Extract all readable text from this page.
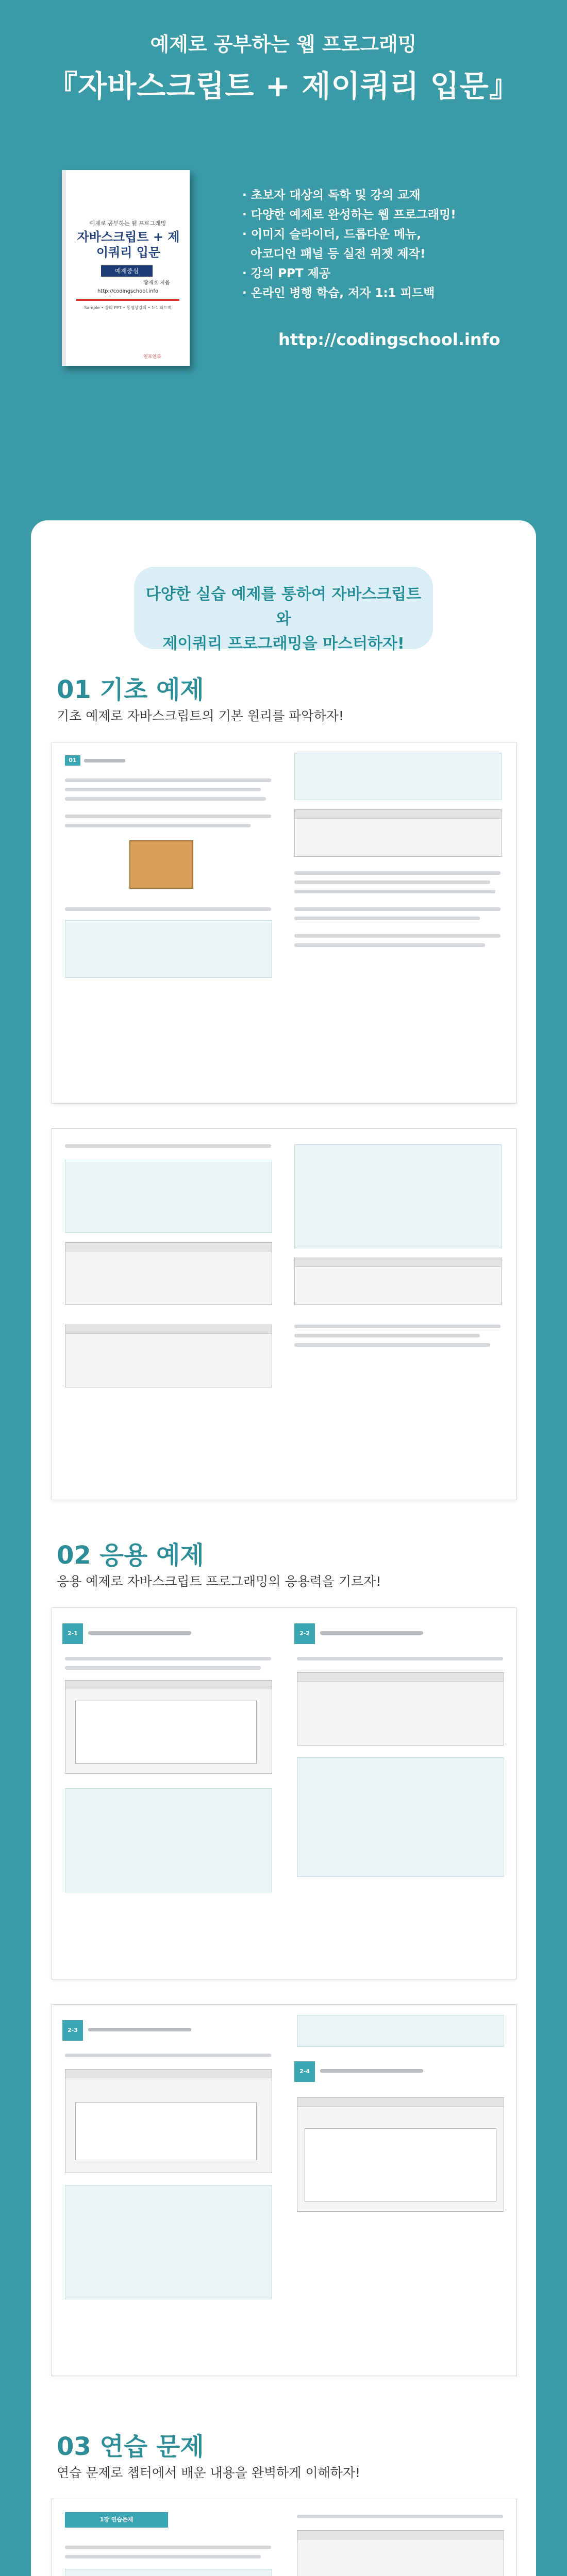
예제로 공부하는 웹 프로그래밍
『자바스크립트 + 제이쿼리 입문』
예제로 공부하는 웹 프로그래밍
자바스크립트 + 제이쿼리 입문
예제중심
황재호 지음
http://codingschool.info
Sample • 강의 PPT • 동영상강의 • 1:1 피드백
인포앤북
· 초보자 대상의 독학 및 강의 교재
· 다양한 예제로 완성하는 웹 프로그래밍!
· 이미지 슬라이더, 드롭다운 메뉴,
아코디언 패널 등 실전 위젯 제작!
· 강의 PPT 제공
· 온라인 병행 학습, 저자 1:1 피드백
http://codingschool.info
다양한 실습 예제를 통하여 자바스크립트와
제이쿼리 프로그래밍을 마스터하자!
01 기초 예제
기초 예제로 자바스크립트의 기본 원리를 파악하자!
01
02 응용 예제
응용 예제로 자바스크립트 프로그래밍의 응용력을 기르자!
2-1	2-2
2-3
2-4
03 연습 문제
연습 문제로 챕터에서 배운 내용을 완벽하게 이해하자!
1장 연습문제
